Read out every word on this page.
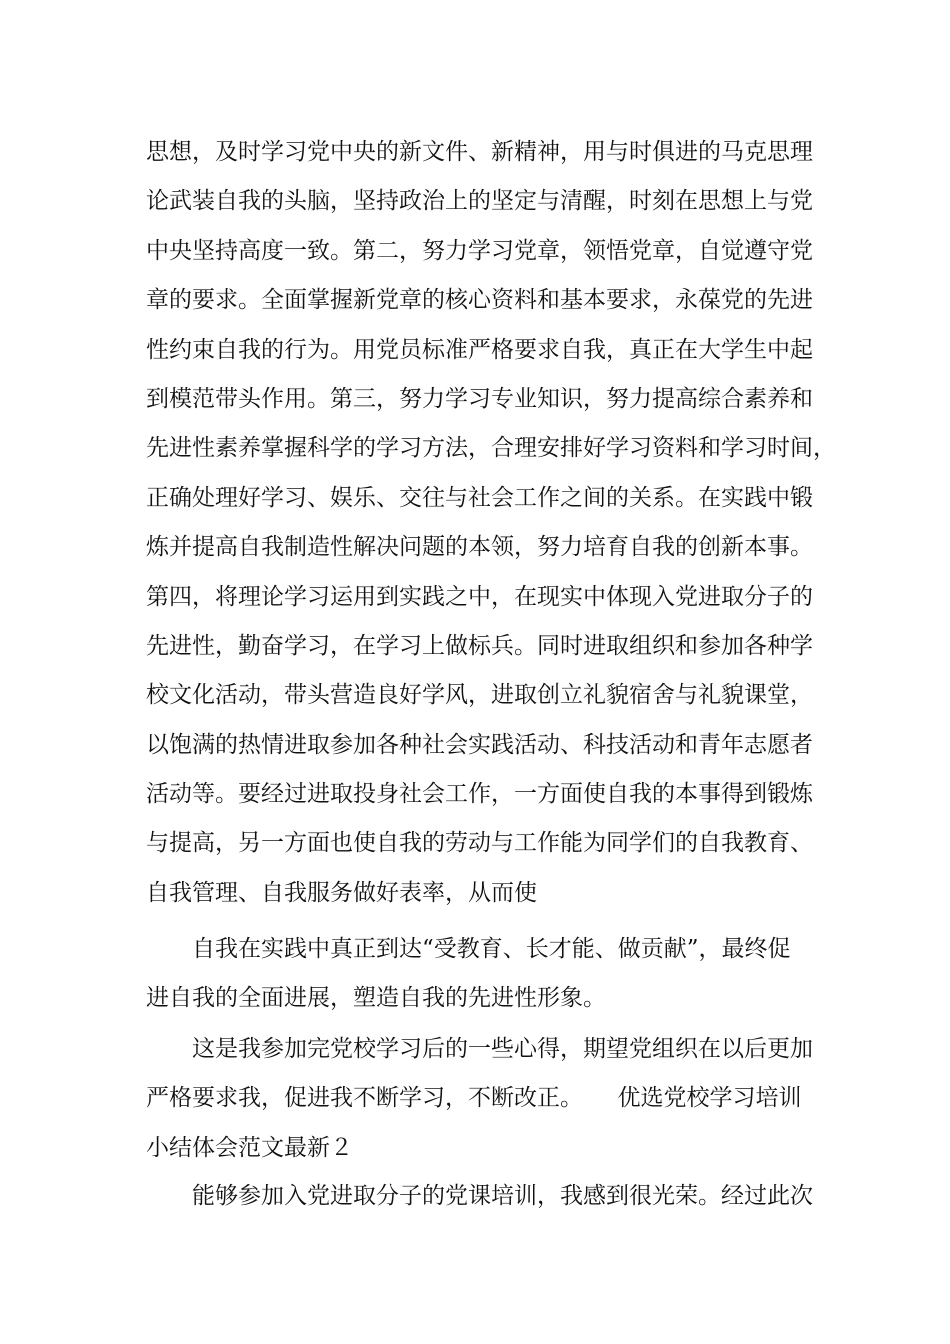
思想，及时学习党中央的新文件、新精神，用与时俱进的马克思理
论武装自我的头脑，坚持政治上的坚定与清醒，时刻在思想上与党
中央坚持高度一致。第二，努力学习党章，领悟党章，自觉遵守党
章的要求。全面掌握新党章的核心资料和基本要求，永葆党的先进
性约束自我的行为。用党员标准严格要求自我，真正在大学生中起
到模范带头作用。第三，努力学习专业知识，努力提高综合素养和
先进性素养掌握科学的学习方法，合理安排好学习资料和学习时间，
正确处理好学习、娱乐、交往与社会工作之间的关系。在实践中锻
炼并提高自我制造性解决问题的本领，努力培育自我的创新本事。
第四，将理论学习运用到实践之中，在现实中体现入党进取分子的
先进性，勤奋学习，在学习上做标兵。同时进取组织和参加各种学
校文化活动，带头营造良好学风，进取创立礼貌宿舍与礼貌课堂，
以饱满的热情进取参加各种社会实践活动、科技活动和青年志愿者
活动等。要经过进取投身社会工作，一方面使自我的本事得到锻炼
与提高，另一方面也使自我的劳动与工作能为同学们的自我教育、
自我管理、自我服务做好表率，从而使
自我在实践中真正到达“受教育、长才能、做贡献”，最终促
进自我的全面进展，塑造自我的先进性形象。
这是我参加完党校学习后的一些心得，期望党组织在以后更加
严格要求我，促进我不断学习，不断改正。　　优选党校学习培训
小结体会范文最新２
能够参加入党进取分子的党课培训，我感到很光荣。经过此次
